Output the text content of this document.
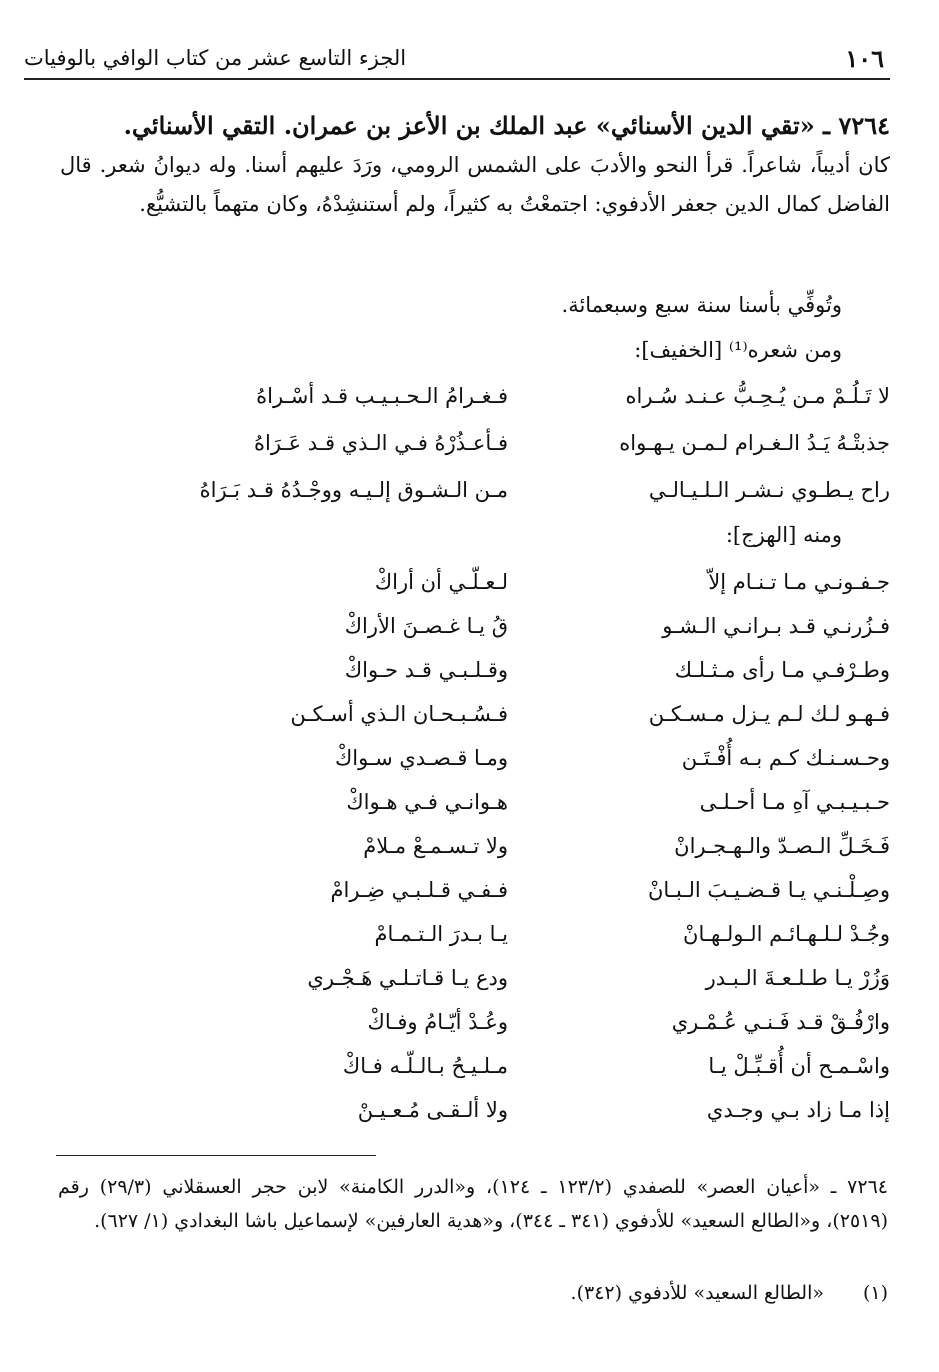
١٠٦
الجزء التاسع عشر من كتاب الوافي بالوفيات

٧٢٦٤ ـ «تقي الدين الأسنائي» عبد الملك بن الأعز بن عمران. التقي الأسنائي.

كان أديباً، شاعراً. قرأ النحو والأدبَ على الشمس الرومي، ورَدَ عليهم أسنا. وله ديوانُ شعر. قال الفاضل كمال الدين جعفر الأدفوي: اجتمعْتُ به كثيراً، ولم أستنشِدْهُ، وكان متهماً بالتشيُّع.

وتُوفِّي بأسنا سنة سبع وسبعمائة.

ومن شعره⁽¹⁾ [الخفيف]:

لا تَـلُـمْ مـن يُـحِـبُّ عـنـد سُـراه
فـغـرامُ الـحـبـيـب قـد أسْـراهُ
جذبتْـهُ يَـدُ الـغـرام لـمـن يـهـواه
فـأعـذُرْهُ فـي الـذي قـد عَـرَاهُ
راح يـطـوي نـشـر الـلـيـالـي
مـن الـشـوق إلـيـه ووجْـدُهُ قـد بَـرَاهُ

ومنه [الهزج]:

جـفـونـي مـا تـنـام إلاّ
لـعـلّـي أن أراكْ
فـزُرنـي قـد بـرانـي الـشـو
قُ يـا غـصـنَ الأراكْ
وطـرْفـي مـا رأى مـثـلـك
وقـلـبـي قـد حـواكْ
فـهـو لـك لـم يـزل مـسـكـن
فـسُـبـحـان الـذي أسـكـن
وحـسـنـك كـم بـه أُفْـتَـن
ومـا قـصـدي سـواكْ
حـبـيـبـي آهِ مـا أحـلـى
هـوانـي فـي هـواكْ
فَـخَـلِّ الـصـدّ والـهـجـرانْ
ولا تـسـمـعْ مـلامْ
وصِـلْـنـي يـا قـضـيـبَ الـبـانْ
فـفـي قـلـبـي ضِـرامْ
وجُـدْ لـلـهـائـم الـولـهـانْ
يـا بـدرَ الـتـمـامْ
وَزُرْ يـا طـلـعـةَ الـبـدر
ودع يـا قـاتـلـي هَـجْـري
وارْفُـقْ قـد فَـنـي عُـمْـري
وعُـدْ أيّـامُ وفـاكْ
واسْـمـح أن أُقـبِّـلْ يـا
مـلـيـحُ بـالـلّـه فـاكْ
إذا مـا زاد بـي وجـدي
ولا ألـقـى مُـعـيـنْ

٧٢٦٤ ـ «أعيان العصر» للصفدي (١٢٣/٢ ـ ١٢٤)، و«الدرر الكامنة» لابن حجر العسقلاني (٢٩/٣) رقم (٢٥١٩)، و«الطالع السعيد» للأدفوي (٣٤١ ـ ٣٤٤)، و«هدية العارفين» لإسماعيل باشا البغدادي (١/ ٦٢٧).

(١)
«الطالع السعيد» للأدفوي (٣٤٢).
